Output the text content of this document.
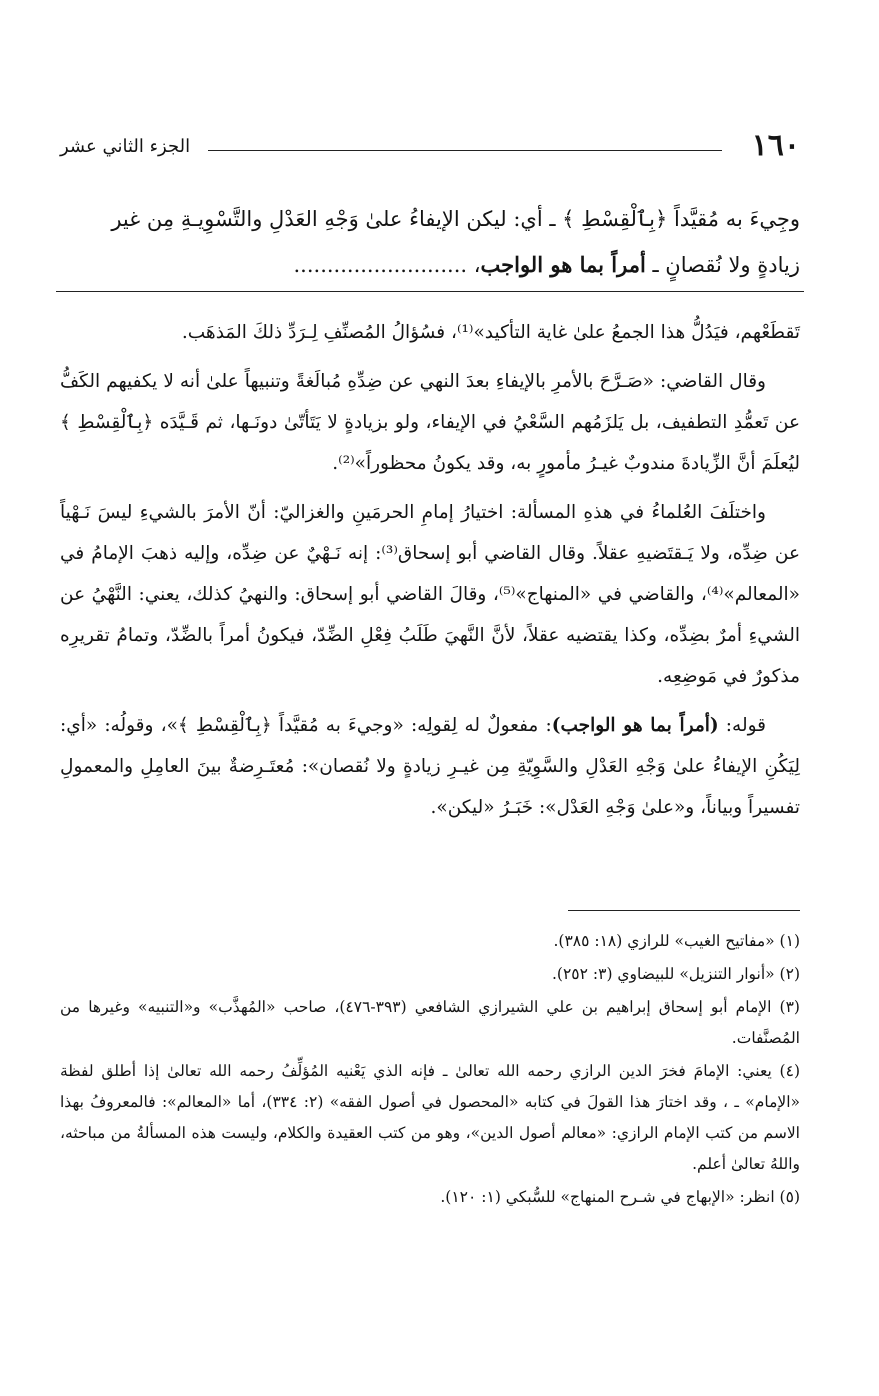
١٦٠
الجزء الثاني عشر

وجِيءَ به مُقيَّداً ﴿بِٱلْقِسْطِ ﴾ ـ أي: ليكن الإيفاءُ علىٰ وَجْهِ العَدْلِ والتَّسْوِيـةِ مِن غير

زيادةٍ ولا نُقصانٍ ـ أمراً بما هو الواجب، ..........................

تَقطَعْهم، فيَدُلُّ هذا الجمعُ علىٰ غاية التأكيد»⁽¹⁾، فسُؤالُ المُصنِّفِ لِـرَدِّ ذلكَ المَذهَب.

وقال القاضي: «صَـرَّحَ بالأمرِ بالإيفاءِ بعدَ النهي عن ضِدِّهِ مُبالَغةً وتنبيهاً علىٰ أنه لا يكفيهم الكَفُّ عن تَعمُّدِ التطفيف، بل يَلزَمُهم السَّعْيُ في الإيفاء، ولو بزيادةٍ لا يَتَأتّىٰ دونَـها، ثم قَـيَّدَه ﴿بِٱلْقِسْطِ ﴾ ليُعلَمَ أنَّ الزِّيادةَ مندوبٌ غيـرُ مأمورٍ به، وقد يكونُ محظوراً»⁽²⁾.

واختلَفَ العُلماءُ في هذهِ المسألة: اختيارُ إمامِ الحرمَينِ والغزاليّ: أنّ الأمرَ بالشيءِ ليسَ نَـهْياً عن ضِدِّه، ولا يَـقتَضيهِ عقلاً. وقال القاضي أبو إسحاق⁽³⁾: إنه نَـهْيٌ عن ضِدِّه، وإليه ذهبَ الإمامُ في «المعالم»⁽⁴⁾، والقاضي في «المنهاج»⁽⁵⁾، وقالَ القاضي أبو إسحاق: والنهيُ كذلك، يعني: النَّهْيُ عن الشيءِ أمرٌ بضِدِّه، وكذا يقتضيه عقلاً، لأنَّ النَّهيَ طَلَبُ فِعْلِ الضِّدّ، فيكونُ أمراً بالضِّدّ، وتمامُ تقريرِه مذكورٌ في مَوضِعِه.

قوله: (أمراً بما هو الواجب): مفعولٌ له لِقولِه: «وجيءَ به مُقيَّداً ﴿بِٱلْقِسْطِ ﴾»، وقولُه: «أي: لِيَكُنِ الإيفاءُ علىٰ وَجْهِ العَدْلِ والسَّوِيّةِ مِن غيـرِ زيادةٍ ولا نُقصان»: مُعتَـرِضةٌ بينَ العامِلِ والمعمولِ تفسيراً وبياناً، و«علىٰ وَجْهِ العَدْل»: خَبَـرُ «ليكن».

(١) «مفاتيح الغيب» للرازي (١٨: ٣٨٥).

(٢) «أنوار التنزيل» للبيضاوي (٣: ٢٥٢).

(٣) الإمام أبو إسحاق إبراهيم بن علي الشيرازي الشافعي (٣٩٣-٤٧٦)، صاحب «المُهذَّب» و«التنبيه» وغيرها من المُصنَّفات.

(٤) يعني: الإمامَ فخرَ الدين الرازي رحمه الله تعالىٰ ـ فإنه الذي يَعْنيه المُؤلِّفُ رحمه الله تعالىٰ إذا أطلق لفظة «الإمام» ـ ، وقد اختارَ هذا القولَ في كتابه «المحصول في أصول الفقه» (٢: ٣٣٤)، أما «المعالم»: فالمعروفُ بهذا الاسم من كتب الإمام الرازي: «معالم أصول الدين»، وهو من كتب العقيدة والكلام، وليست هذه المسألةُ من مباحثه، واللهُ تعالىٰ أعلم.

(٥) انظر: «الإبهاج في شـرح المنهاج» للسُّبكي (١: ١٢٠).
